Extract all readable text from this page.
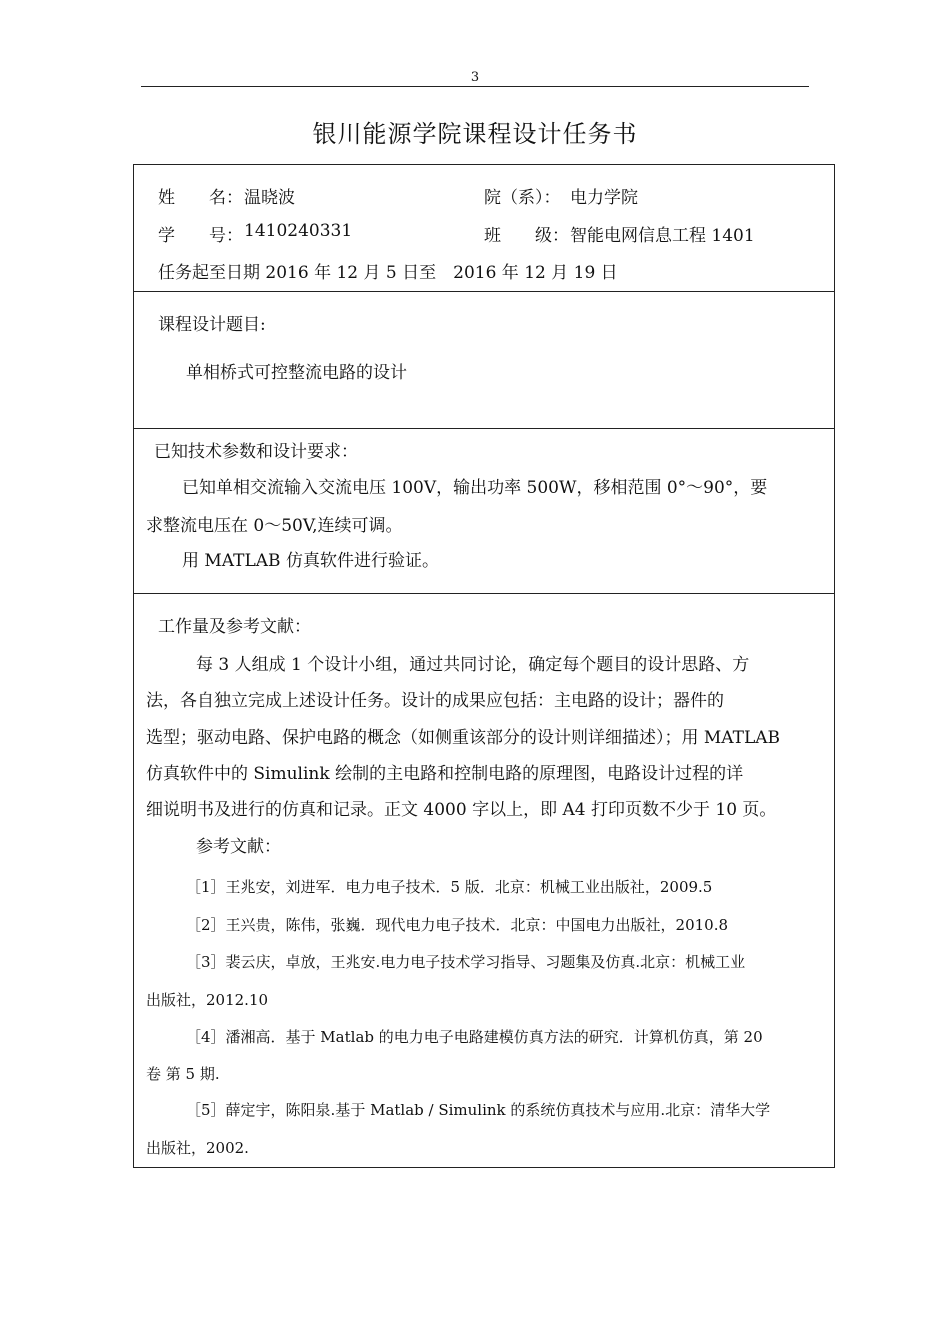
3
银川能源学院课程设计任务书
姓　　名： 温晓波	院（系）： 电力学院
学　　号： 1410240331	班　　级： 智能电网信息工程 1401
任务起至日期 2016 年 12 月 5 日至　2016 年 12 月 19 日
课程设计题目:
单相桥式可控整流电路的设计
已知技术参数和设计要求：
已知单相交流输入交流电压 100V，输出功率 500W，移相范围 0°～90°，要
求整流电压在 0～50V,连续可调。
用 MATLAB 仿真软件进行验证。
工作量及参考文献：
每 3 人组成 1 个设计小组，通过共同讨论，确定每个题目的设计思路、方
法，各自独立完成上述设计任务。设计的成果应包括：主电路的设计；器件的
选型；驱动电路、保护电路的概念（如侧重该部分的设计则详细描述）；用 MATLAB
仿真软件中的 Simulink 绘制的主电路和控制电路的原理图，电路设计过程的详
细说明书及进行的仿真和记录。正文 4000 字以上，即 A4 打印页数不少于 10 页。
参考文献：
［1］王兆安，刘进军．电力电子技术．5 版．北京：机械工业出版社，2009.5
［2］王兴贵，陈伟，张巍．现代电力电子技术．北京：中国电力出版社，2010.8
［3］裴云庆，卓放，王兆安.电力电子技术学习指导、习题集及仿真.北京：机械工业
出版社，2012.10
［4］潘湘高．基于 Matlab 的电力电子电路建模仿真方法的研究．计算机仿真，第 20
卷 第 5 期.
［5］薛定宇，陈阳泉.基于 Matlab / Simulink 的系统仿真技术与应用.北京：清华大学
出版社，2002.
